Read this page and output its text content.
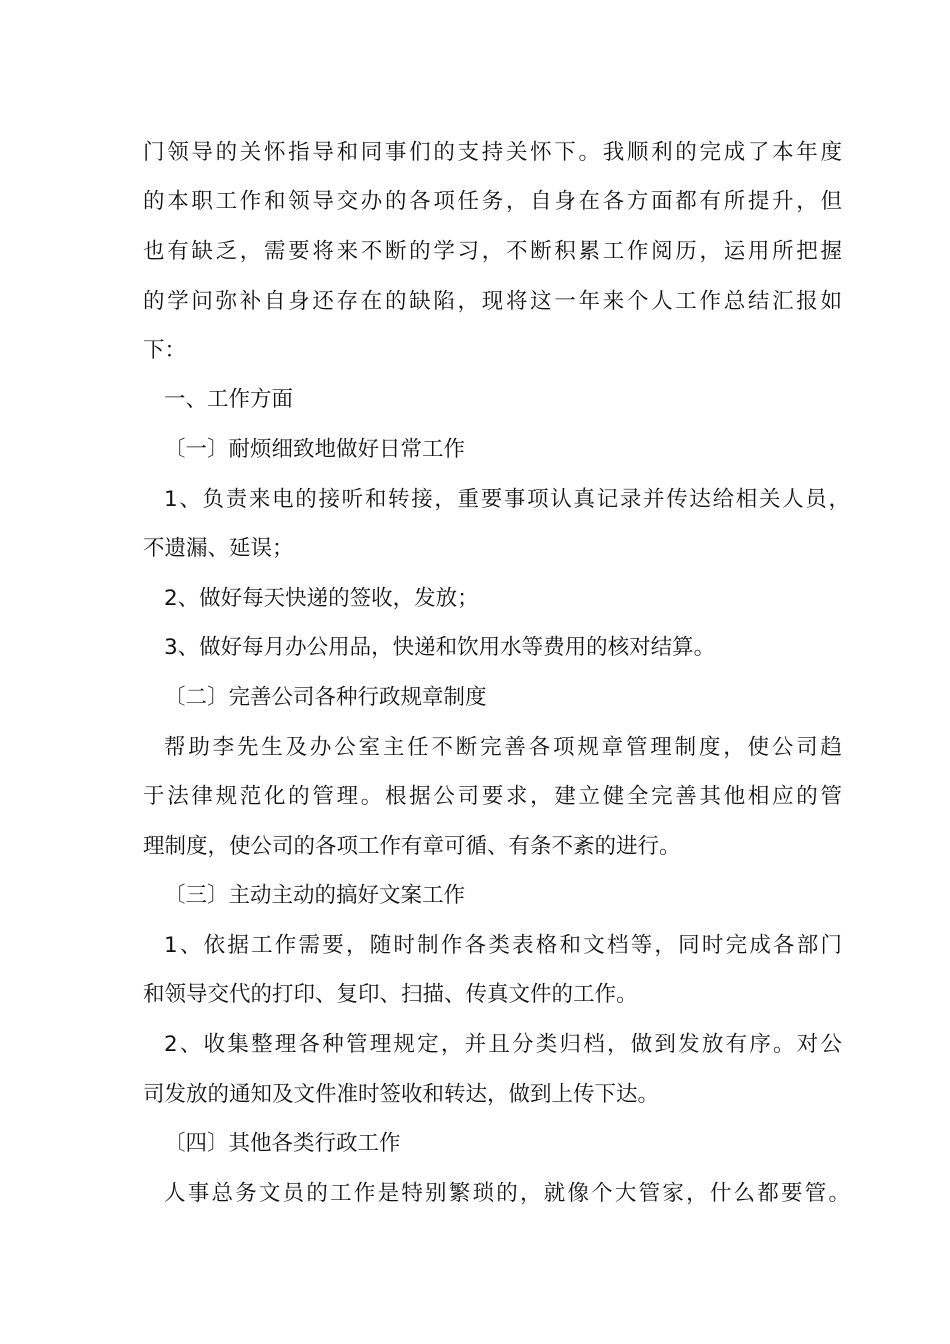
门领导的关怀指导和同事们的支持关怀下。我顺利的完成了本年度
的本职工作和领导交办的各项任务，自身在各方面都有所提升，但
也有缺乏，需要将来不断的学习，不断积累工作阅历，运用所把握
的学问弥补自身还存在的缺陷，现将这一年来个人工作总结汇报如
下：
一、工作方面
〔一〕耐烦细致地做好日常工作
1、负责来电的接听和转接，重要事项认真记录并传达给相关人员，
不遗漏、延误；
2、做好每天快递的签收，发放；
3、做好每月办公用品，快递和饮用水等费用的核对结算。
〔二〕完善公司各种行政规章制度
帮助李先生及办公室主任不断完善各项规章管理制度，使公司趋
于法律规范化的管理。根据公司要求，建立健全完善其他相应的管
理制度，使公司的各项工作有章可循、有条不紊的进行。
〔三〕主动主动的搞好文案工作
1、依据工作需要，随时制作各类表格和文档等，同时完成各部门
和领导交代的打印、复印、扫描、传真文件的工作。
2、收集整理各种管理规定，并且分类归档，做到发放有序。对公
司发放的通知及文件准时签收和转达，做到上传下达。
〔四〕其他各类行政工作
人事总务文员的工作是特别繁琐的，就像个大管家，什么都要管。
